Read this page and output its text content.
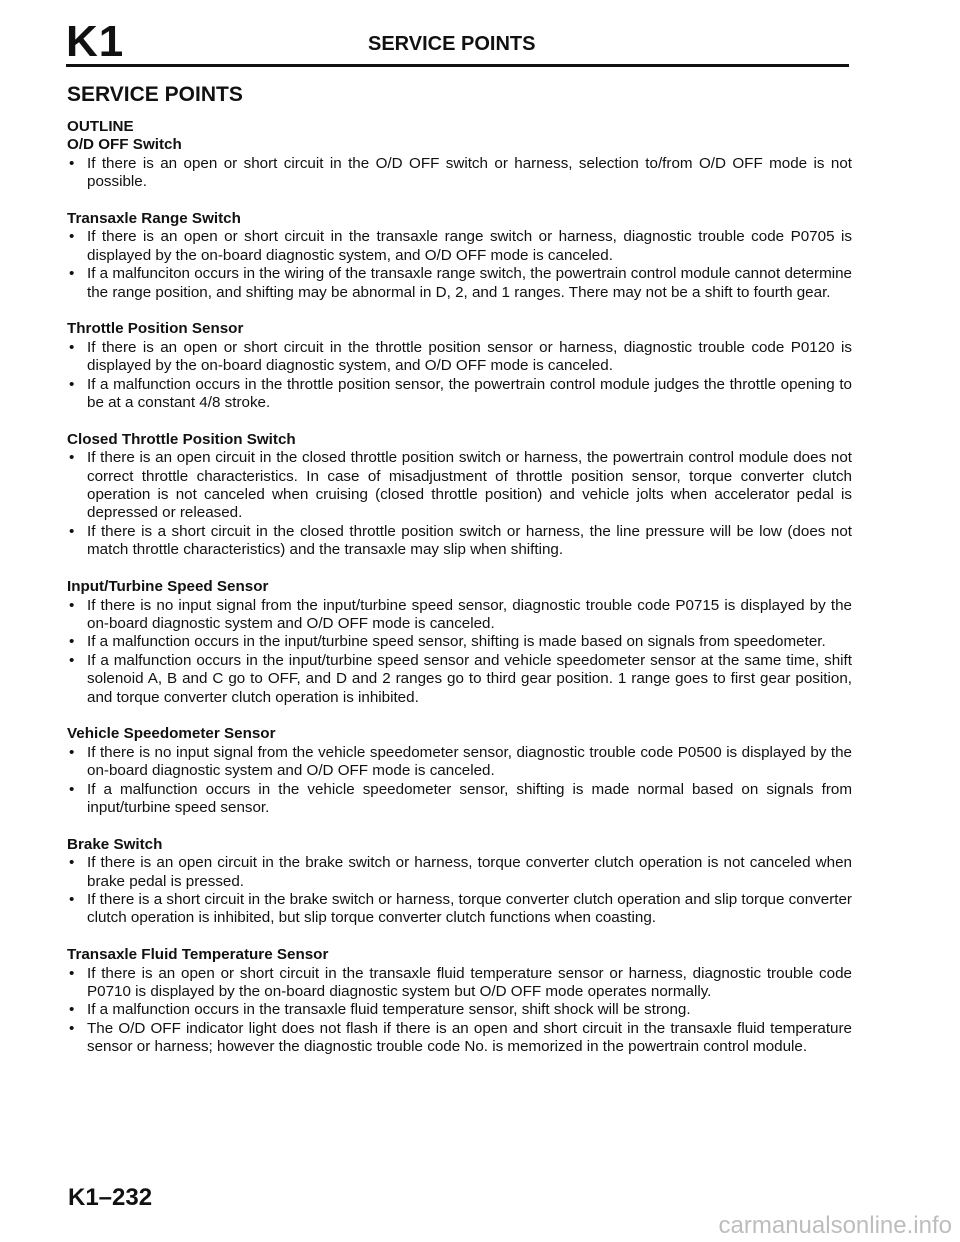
K1	SERVICE POINTS
SERVICE POINTS
OUTLINE
O/D OFF Switch
• If there is an open or short circuit in the O/D OFF switch or harness, selection to/from O/D OFF mode is not possible.
Transaxle Range Switch
• If there is an open or short circuit in the transaxle range switch or harness, diagnostic trouble code P0705 is displayed by the on-board diagnostic system, and O/D OFF mode is canceled.
• If a malfunciton occurs in the wiring of the transaxle range switch, the powertrain control module cannot determine the range position, and shifting may be abnormal in D, 2, and 1 ranges. There may not be a shift to fourth gear.
Throttle Position Sensor
• If there is an open or short circuit in the throttle position sensor or harness, diagnostic trouble code P0120 is displayed by the on-board diagnostic system, and O/D OFF mode is canceled.
• If a malfunction occurs in the throttle position sensor, the powertrain control module judges the throttle opening to be at a constant 4/8 stroke.
Closed Throttle Position Switch
• If there is an open circuit in the closed throttle position switch or harness, the powertrain control module does not correct throttle characteristics. In case of misadjustment of throttle position sensor, torque converter clutch operation is not canceled when cruising (closed throttle position) and vehicle jolts when accelerator pedal is depressed or released.
• If there is a short circuit in the closed throttle position switch or harness, the line pressure will be low (does not match throttle characteristics) and the transaxle may slip when shifting.
Input/Turbine Speed Sensor
• If there is no input signal from the input/turbine speed sensor, diagnostic trouble code P0715 is displayed by the on-board diagnostic system and O/D OFF mode is canceled.
• If a malfunction occurs in the input/turbine speed sensor, shifting is made based on signals from speedometer.
• If a malfunction occurs in the input/turbine speed sensor and vehicle speedometer sensor at the same time, shift solenoid A, B and C go to OFF, and D and 2 ranges go to third gear position. 1 range goes to first gear position, and torque converter clutch operation is inhibited.
Vehicle Speedometer Sensor
• If there is no input signal from the vehicle speedometer sensor, diagnostic trouble code P0500 is displayed by the on-board diagnostic system and O/D OFF mode is canceled.
• If a malfunction occurs in the vehicle speedometer sensor, shifting is made normal based on signals from input/turbine speed sensor.
Brake Switch
• If there is an open circuit in the brake switch or harness, torque converter clutch operation is not canceled when brake pedal is pressed.
• If there is a short circuit in the brake switch or harness, torque converter clutch operation and slip torque converter clutch operation is inhibited, but slip torque converter clutch functions when coasting.
Transaxle Fluid Temperature Sensor
• If there is an open or short circuit in the transaxle fluid temperature sensor or harness, diagnostic trouble code P0710 is displayed by the on-board diagnostic system but O/D OFF mode operates normally.
• If a malfunction occurs in the transaxle fluid temperature sensor, shift shock will be strong.
• The O/D OFF indicator light does not flash if there is an open and short circuit in the transaxle fluid temperature sensor or harness; however the diagnostic trouble code No. is memorized in the powertrain control module.
K1–232
carmanualsonline.info
